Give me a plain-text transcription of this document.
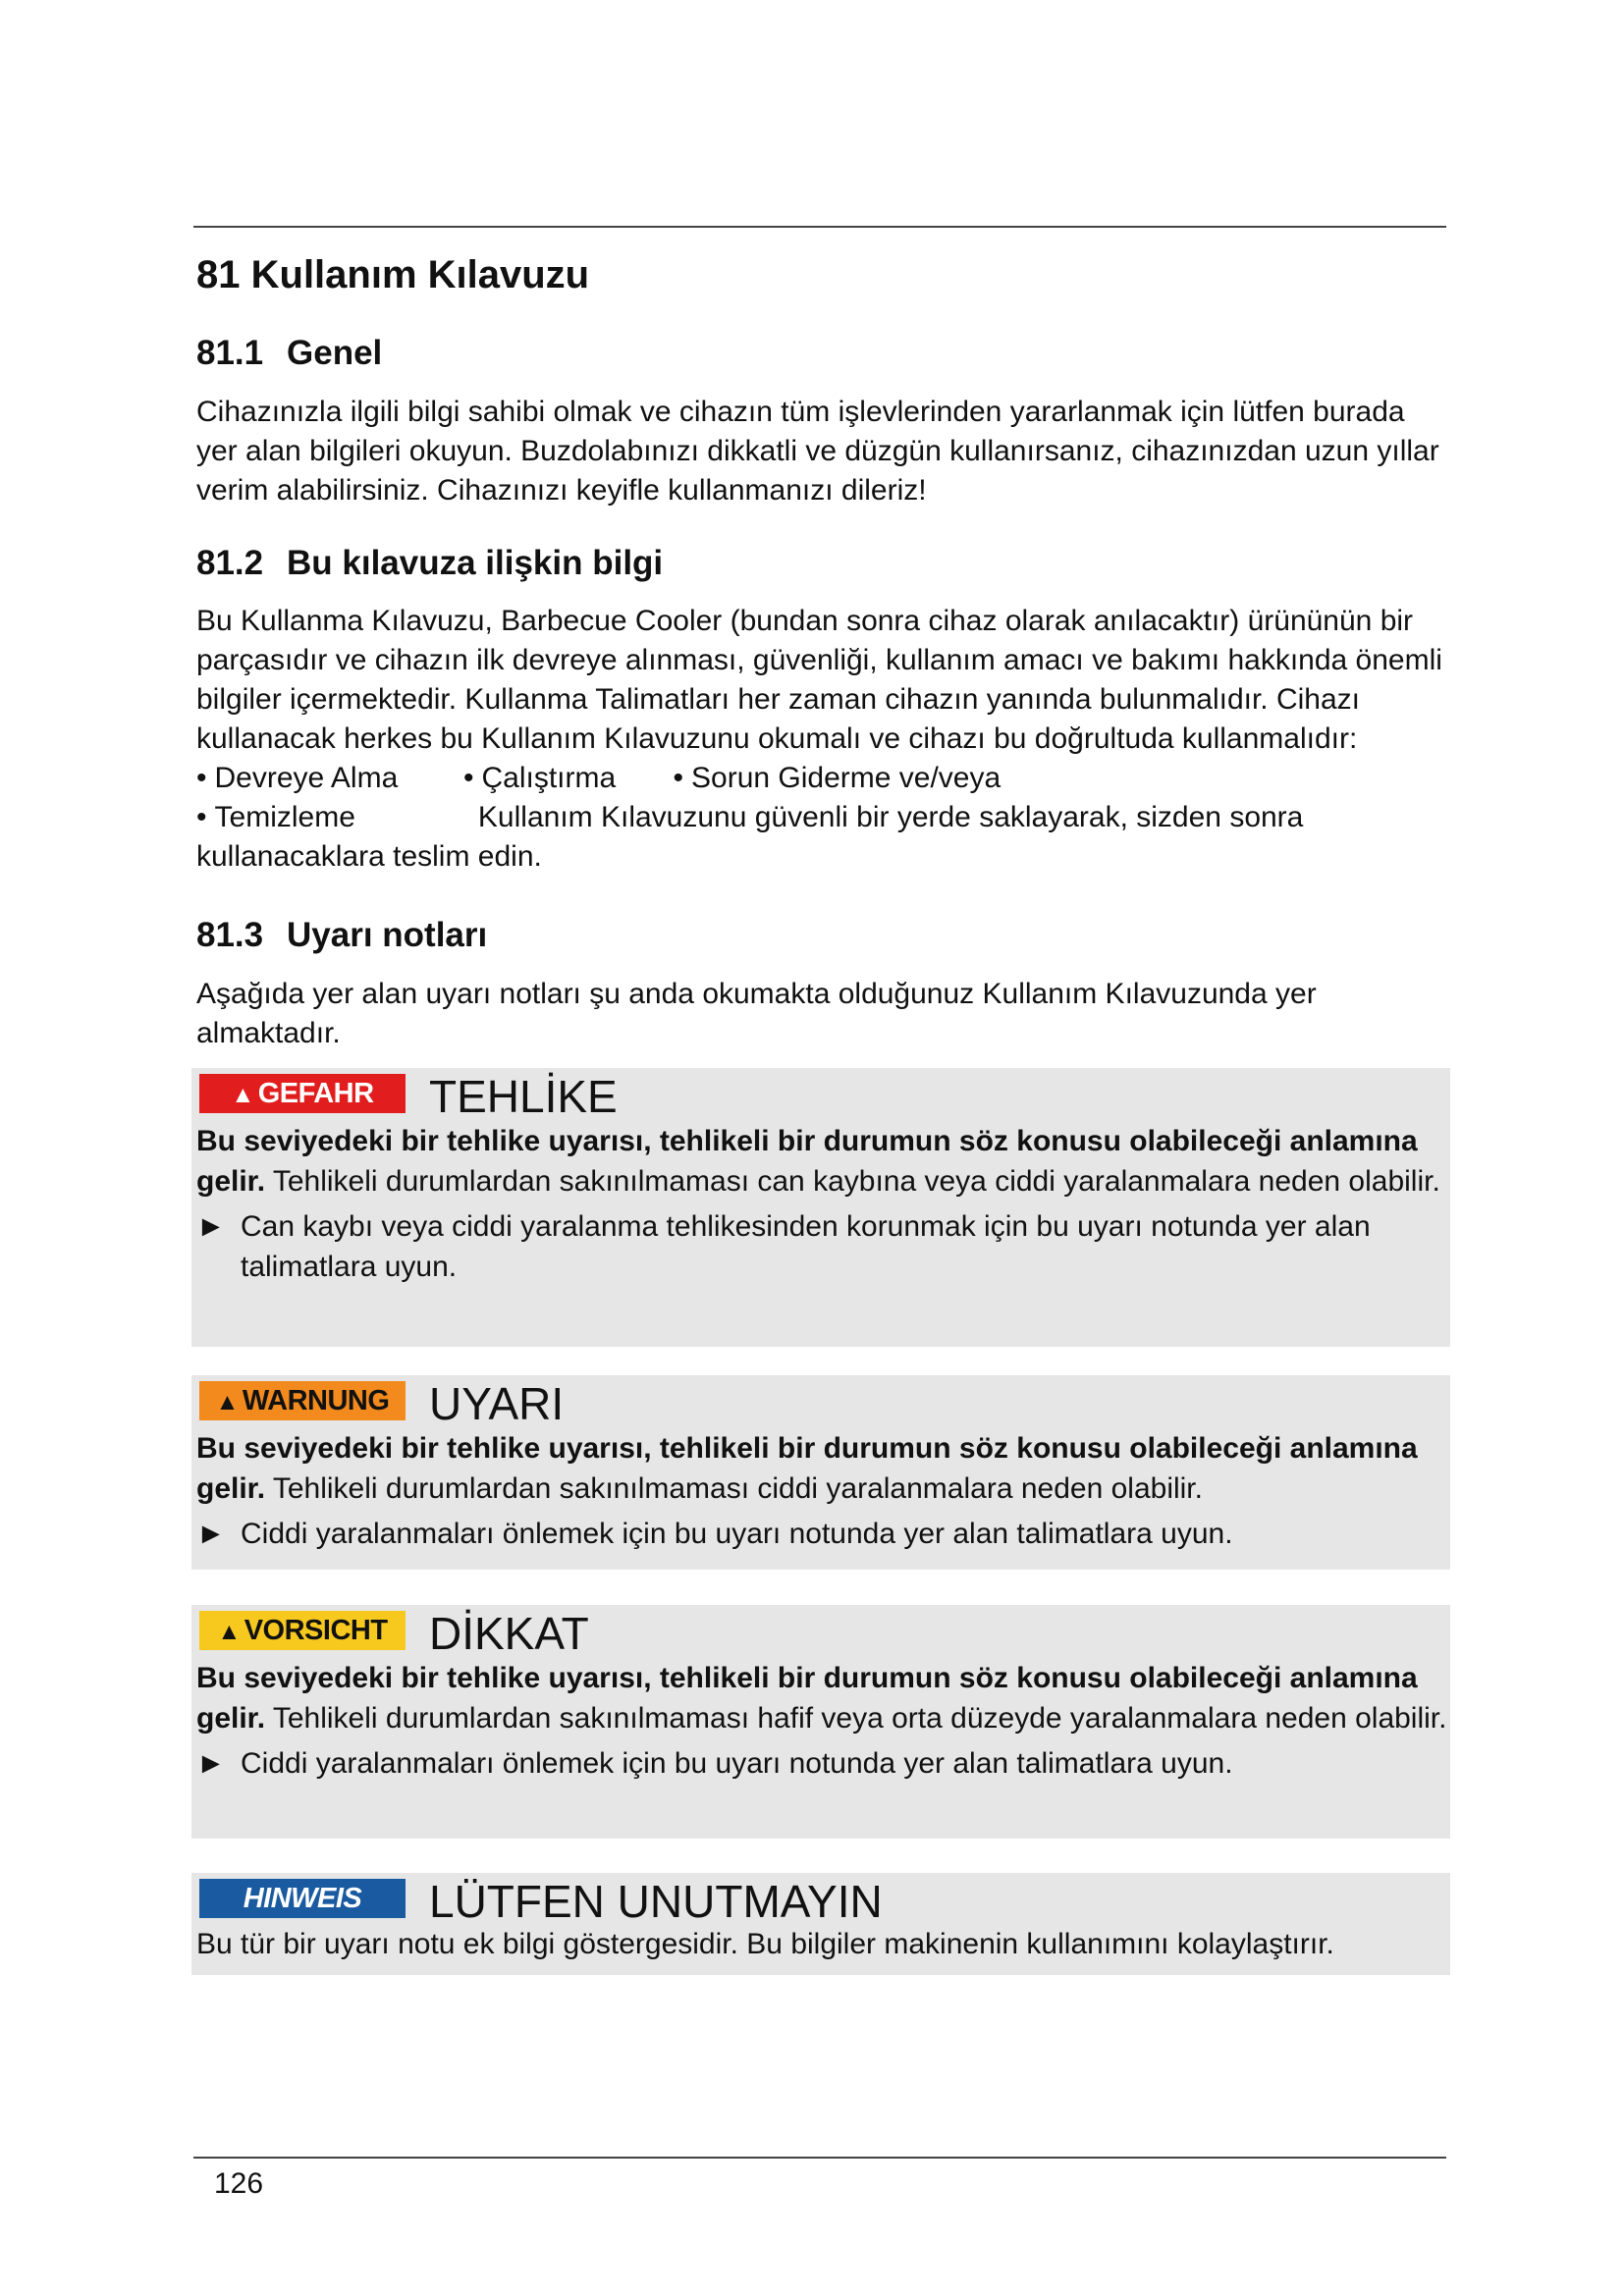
81 Kullanım Kılavuzu
81.1 Genel

Cihazınızla ilgili bilgi sahibi olmak ve cihazın tüm işlevlerinden yararlanmak için lütfen burada yer alan bilgileri okuyun. Buzdolabınızı dikkatli ve düzgün kullanırsanız, cihazınızdan uzun yıllar verim alabilirsiniz. Cihazınızı keyifle kullanmanızı dileriz!

81.2 Bu kılavuza ilişkin bilgi

Bu Kullanma Kılavuzu, Barbecue Cooler (bundan sonra cihaz olarak anılacaktır) ürününün bir parçasıdır ve cihazın ilk devreye alınması, güvenliği, kullanım amacı ve bakımı hakkında önemli bilgiler içermektedir. Kullanma Talimatları her zaman cihazın yanında bulunmalıdır. Cihazı kullanacak herkes bu Kullanım Kılavuzunu okumalı ve cihazı bu doğrultuda kullanmalıdır:    • Devreye Alma	• Çalıştırma	• Sorun Giderme ve/veya
• Temizleme	Kullanım Kılavuzunu güvenli bir yerde saklayarak, sizden sonra kullanacaklara teslim edin.

81.3 Uyarı notları

Aşağıda yer alan uyarı notları şu anda okumakta olduğunuz Kullanım Kılavuzunda yer almaktadır.

▲ GEFAHR	TEHLİKE

Bu seviyedeki bir tehlike uyarısı, tehlikeli bir durumun söz konusu olabileceği anlamına gelir. Tehlikeli durumlardan sakınılmaması can kaybına veya ciddi yaralanmalara neden olabilir.

► Can kaybı veya ciddi yaralanma tehlikesinden korunmak için bu uyarı notunda yer alan talimatlara uyun.

▲ WARNUNG UYARI

Bu seviyedeki bir tehlike uyarısı, tehlikeli bir durumun söz konusu olabileceği anlamına gelir. Tehlikeli durumlardan sakınılmaması ciddi yaralanmalara neden olabilir.

► Ciddi yaralanmaları önlemek için bu uyarı notunda yer alan talimatlara uyun.

▲ VORSICHT DİKKAT

Bu seviyedeki bir tehlike uyarısı, tehlikeli bir durumun söz konusu olabileceği anlamına gelir. Tehlikeli durumlardan sakınılmaması hafif veya orta düzeyde yaralanmalara neden olabilir.

► Ciddi yaralanmaları önlemek için bu uyarı notunda yer alan talimatlara uyun.

HINWEIS	LÜTFEN UNUTMAYIN

Bu tür bir uyarı notu ek bilgi göstergesidir. Bu bilgiler makinenin kullanımını kolaylaştırır.

126
